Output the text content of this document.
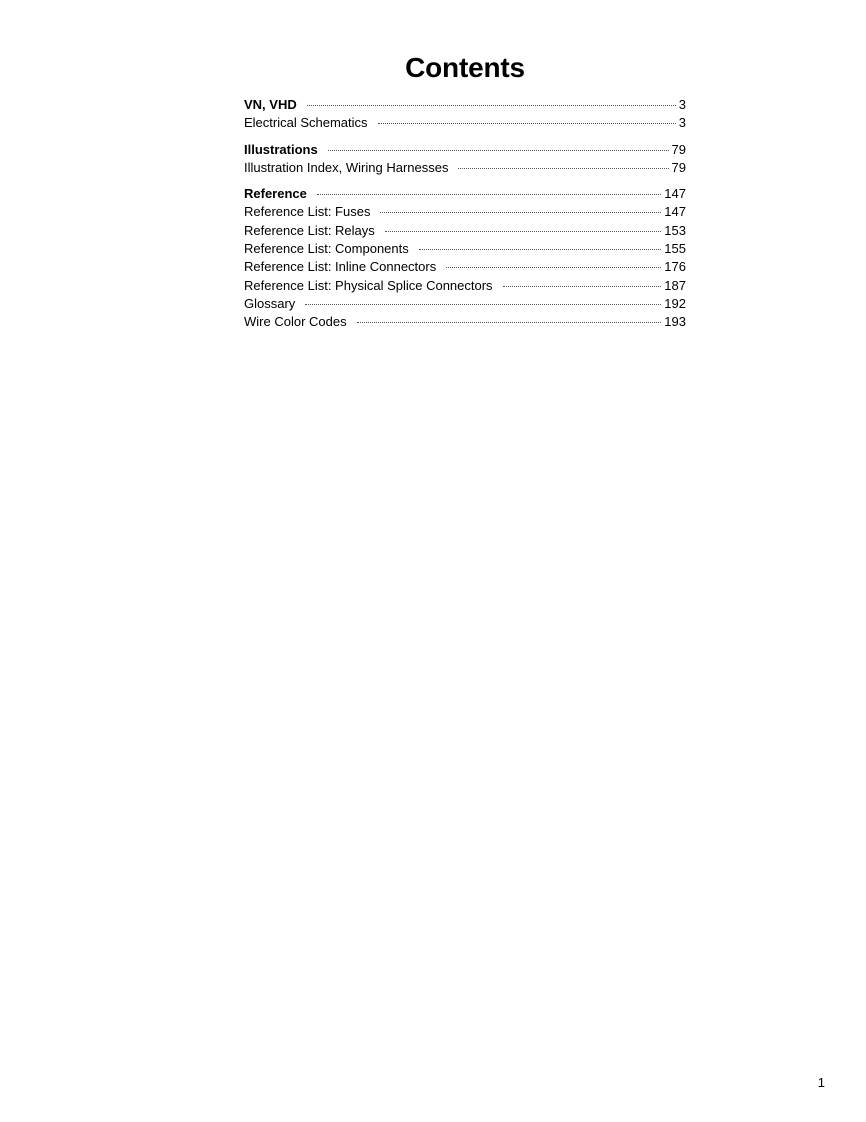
Contents
VN, VHD	3
Electrical Schematics	3
Illustrations	79
Illustration Index, Wiring Harnesses	79
Reference	147
Reference List: Fuses	147
Reference List: Relays	153
Reference List: Components	155
Reference List: Inline Connectors	176
Reference List: Physical Splice Connectors	187
Glossary	192
Wire Color Codes	193
1
